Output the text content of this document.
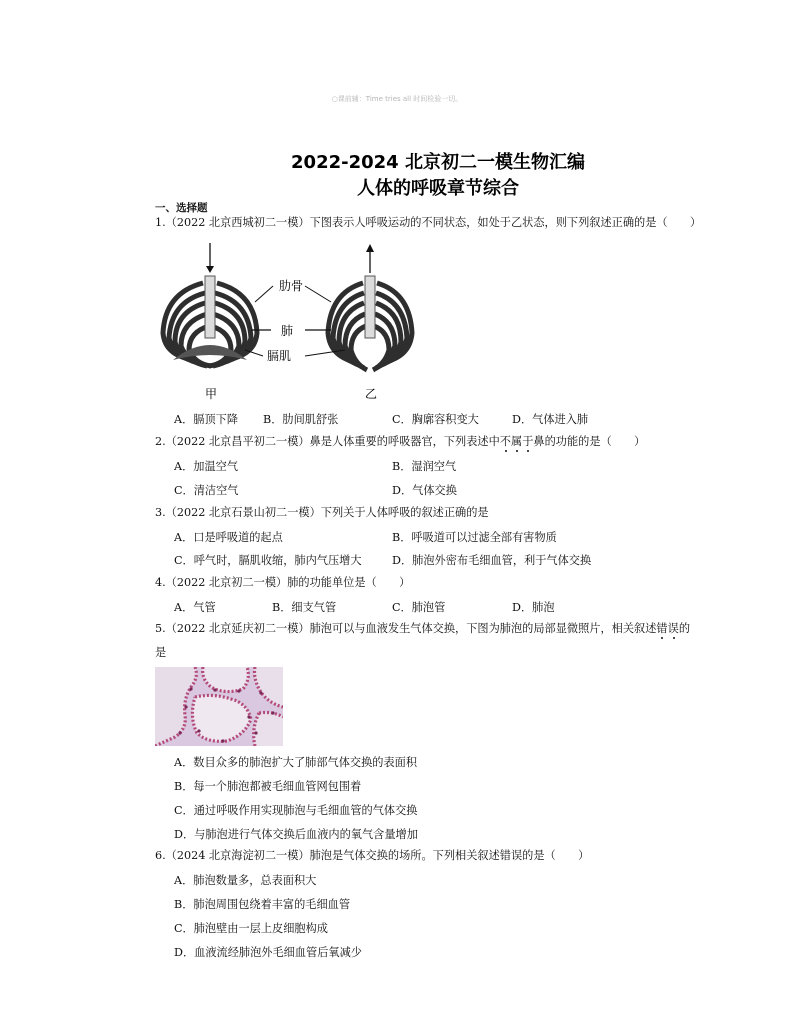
○课前辅：Time tries all 时间检验一切。
2022-2024 北京初二一模生物汇编
人体的呼吸章节综合
一、选择题
1.（2022 北京西城初二一模）下图表示人呼吸运动的不同状态，如处于乙状态，则下列叙述正确的是（　　）
肋骨
肺
膈肌
甲	乙
A．膈顶下降 B．肋间肌舒张	C．胸廓容积变大	D．气体进入肺
2.（2022 北京昌平初二一模）鼻是人体重要的呼吸器官，下列表述中不属于鼻的功能的是（　　）
A．加温空气	B．湿润空气
C．清洁空气	D．气体交换
3.（2022 北京石景山初二一模）下列关于人体呼吸的叙述正确的是
A．口是呼吸道的起点	B．呼吸道可以过滤全部有害物质
C．呼气时，膈肌收缩，肺内气压增大	D．肺泡外密布毛细血管，利于气体交换
4.（2022 北京初二一模）肺的功能单位是（　　）
A．气管	B．细支气管	C．肺泡管	D．肺泡
5.（2022 北京延庆初二一模）肺泡可以与血液发生气体交换，下图为肺泡的局部显微照片，相关叙述错误的是
A．数目众多的肺泡扩大了肺部气体交换的表面积
B．每一个肺泡都被毛细血管网包围着
C．通过呼吸作用实现肺泡与毛细血管的气体交换
D．与肺泡进行气体交换后血液内的氧气含量增加
6.（2024 北京海淀初二一模）肺泡是气体交换的场所。下列相关叙述错误的是（　　）
A．肺泡数量多，总表面积大
B．肺泡周围包绕着丰富的毛细血管
C．肺泡壁由一层上皮细胞构成
D．血液流经肺泡外毛细血管后氧减少
